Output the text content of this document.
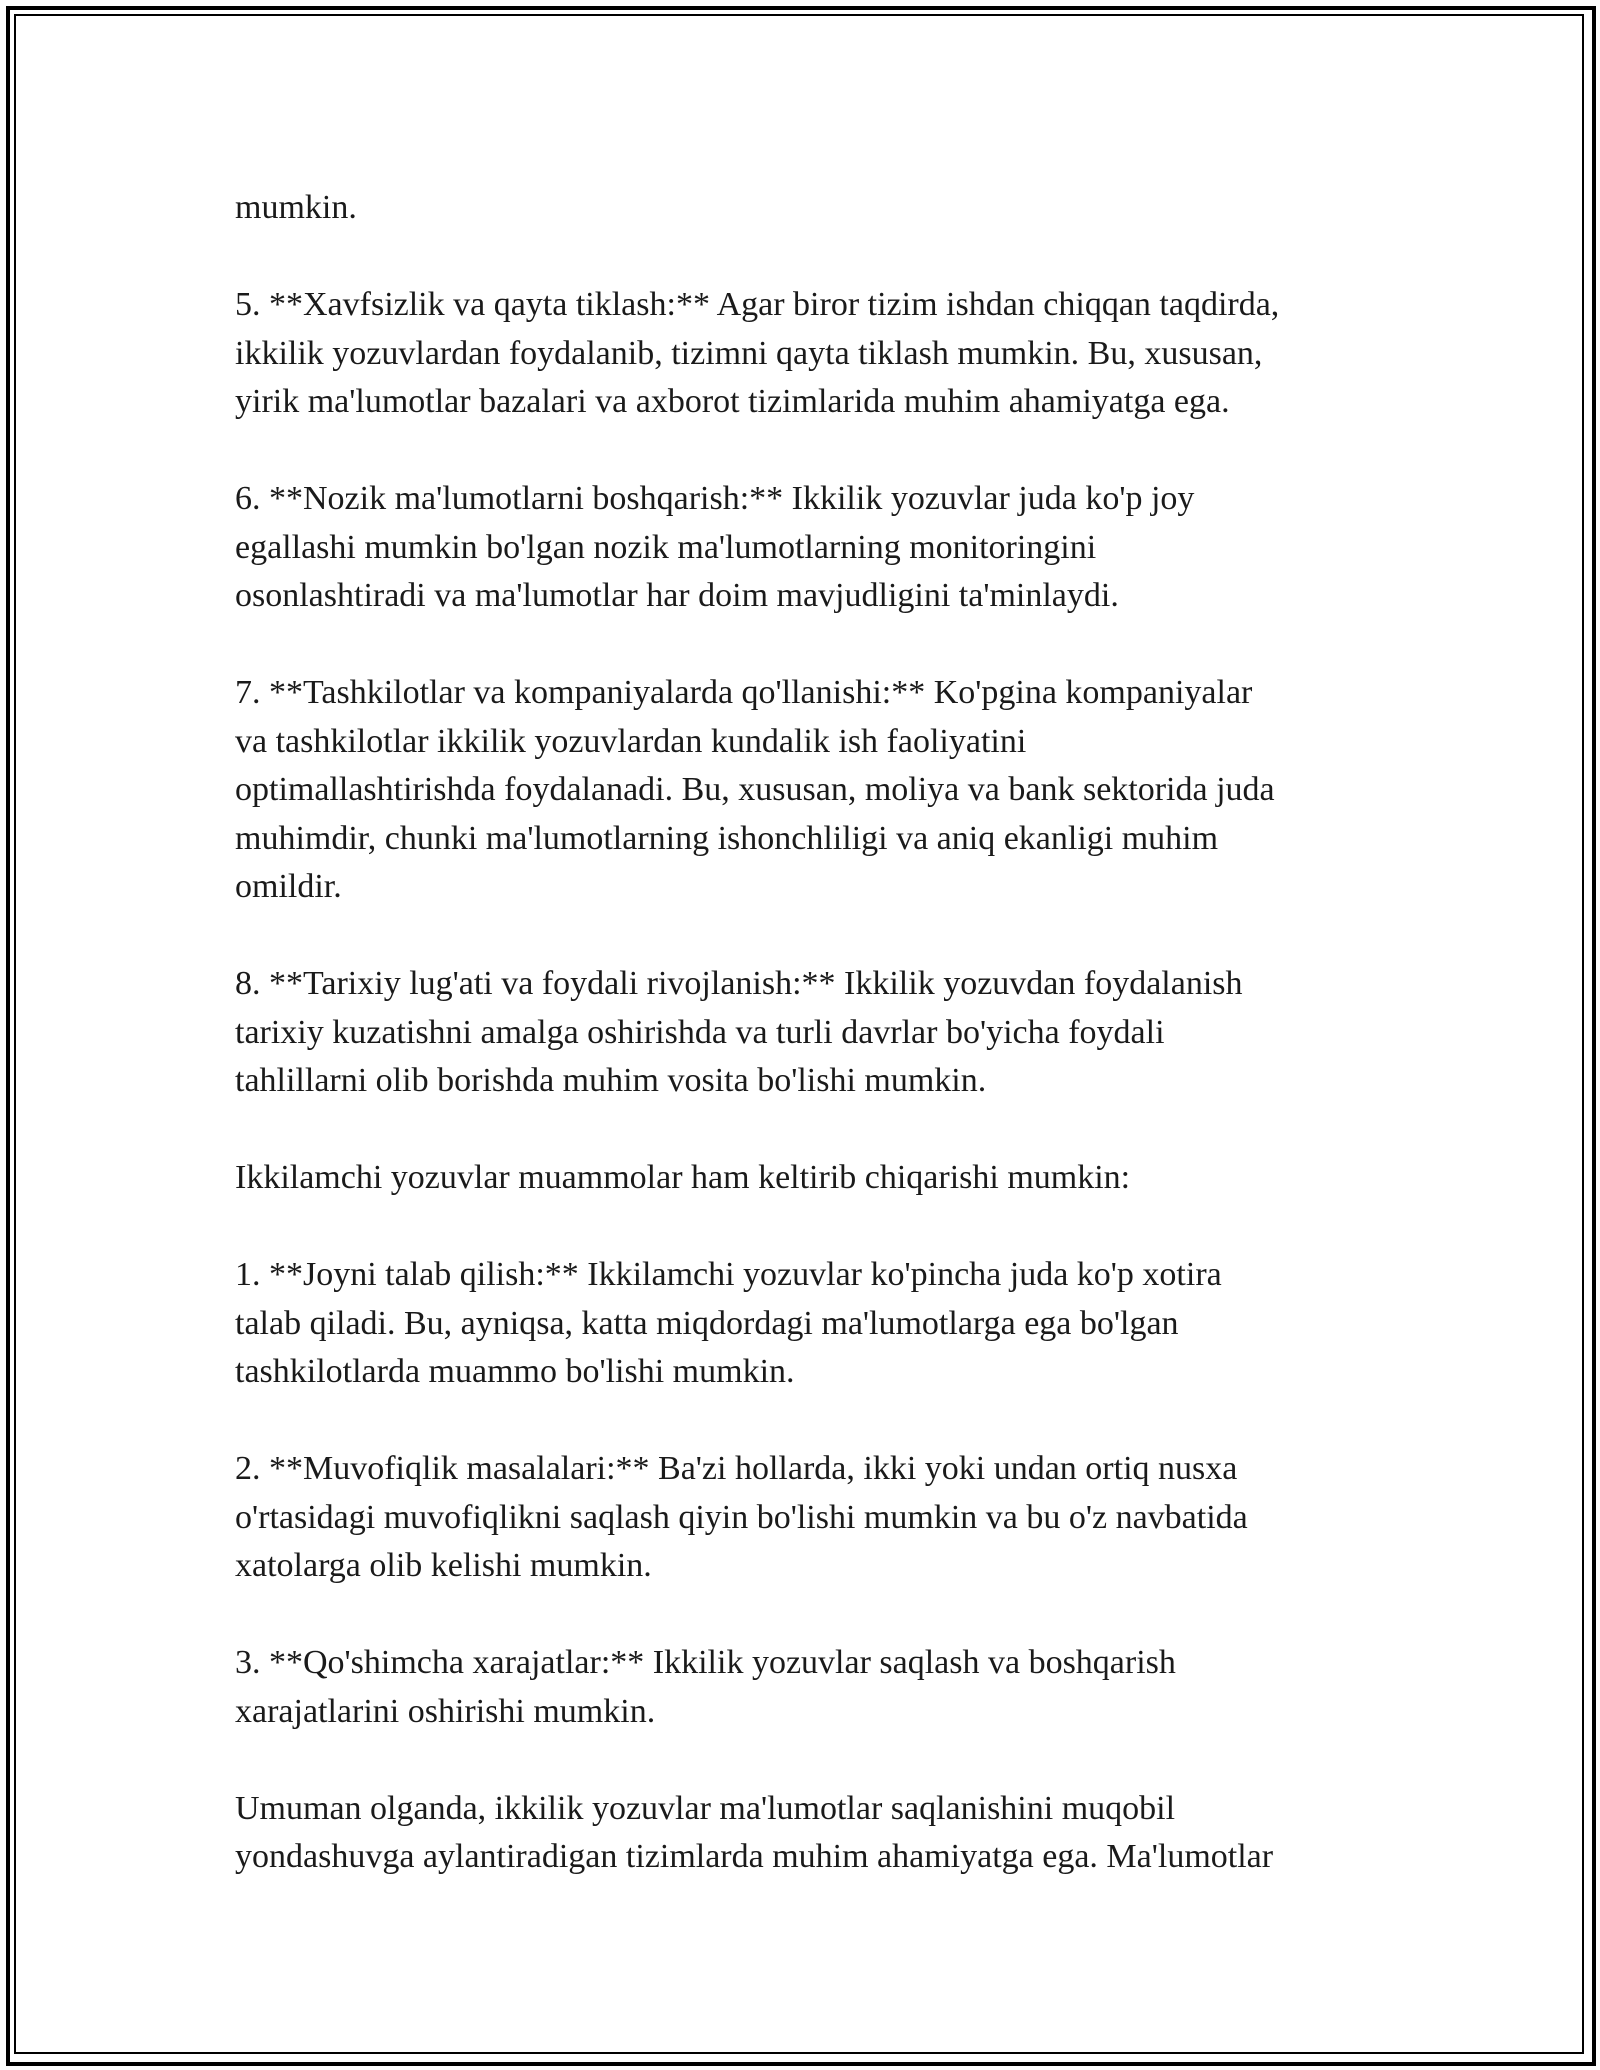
mumkin.

5. **Xavfsizlik va qayta tiklash:** Agar biror tizim ishdan chiqqan taqdirda,
ikkilik yozuvlardan foydalanib, tizimni qayta tiklash mumkin. Bu, xususan,
yirik ma'lumotlar bazalari va axborot tizimlarida muhim ahamiyatga ega.

6. **Nozik ma'lumotlarni boshqarish:** Ikkilik yozuvlar juda ko'p joy
egallashi mumkin bo'lgan nozik ma'lumotlarning monitoringini
osonlashtiradi va ma'lumotlar har doim mavjudligini ta'minlaydi.

7. **Tashkilotlar va kompaniyalarda qo'llanishi:** Ko'pgina kompaniyalar
va tashkilotlar ikkilik yozuvlardan kundalik ish faoliyatini
optimallashtirishda foydalanadi. Bu, xususan, moliya va bank sektorida juda
muhimdir, chunki ma'lumotlarning ishonchliligi va aniq ekanligi muhim
omildir.

8. **Tarixiy lug'ati va foydali rivojlanish:** Ikkilik yozuvdan foydalanish
tarixiy kuzatishni amalga oshirishda va turli davrlar bo'yicha foydali
tahlillarni olib borishda muhim vosita bo'lishi mumkin.

Ikkilamchi yozuvlar muammolar ham keltirib chiqarishi mumkin:

1. **Joyni talab qilish:** Ikkilamchi yozuvlar ko'pincha juda ko'p xotira
talab qiladi. Bu, ayniqsa, katta miqdordagi ma'lumotlarga ega bo'lgan
tashkilotlarda muammo bo'lishi mumkin.

2. **Muvofiqlik masalalari:** Ba'zi hollarda, ikki yoki undan ortiq nusxa
o'rtasidagi muvofiqlikni saqlash qiyin bo'lishi mumkin va bu o'z navbatida
xatolarga olib kelishi mumkin.

3. **Qo'shimcha xarajatlar:** Ikkilik yozuvlar saqlash va boshqarish
xarajatlarini oshirishi mumkin.

Umuman olganda, ikkilik yozuvlar ma'lumotlar saqlanishini muqobil
yondashuvga aylantiradigan tizimlarda muhim ahamiyatga ega. Ma'lumotlar
